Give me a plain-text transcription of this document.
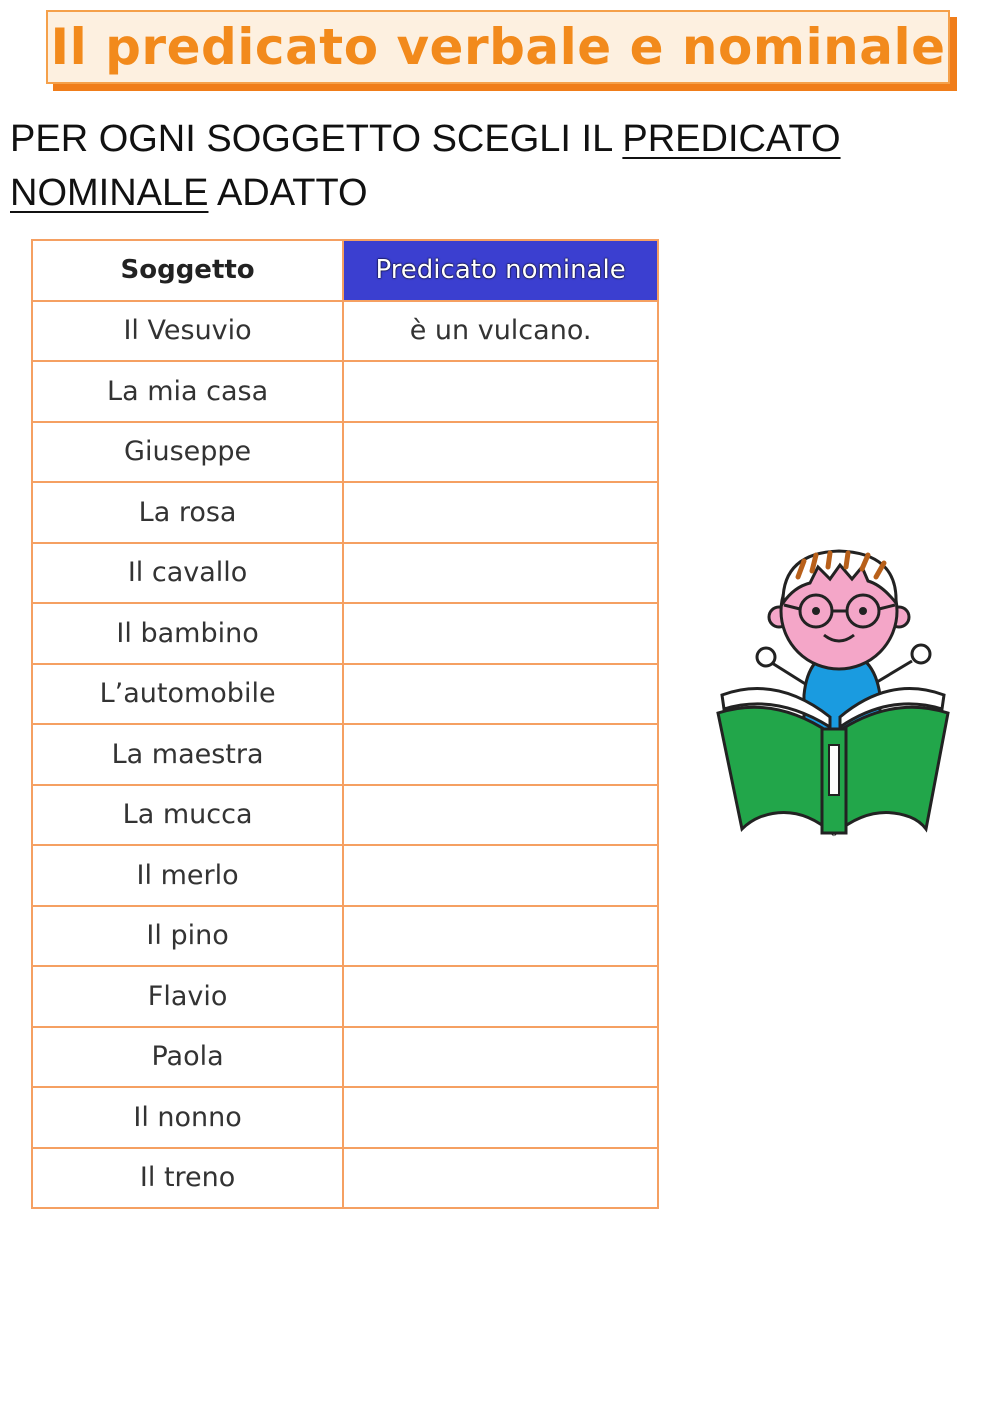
Il predicato verbale e nominale
PER OGNI SOGGETTO SCEGLI IL PREDICATO
NOMINALE ADATTO
Soggetto	Predicato nominale
Il Vesuvio	è un vulcano.
La mia casa	
Giuseppe	
La rosa	
Il cavallo	
Il bambino	
L’automobile	
La maestra	
La mucca	
Il merlo	
Il pino	
Flavio	
Paola	
Il nonno	
Il treno	
